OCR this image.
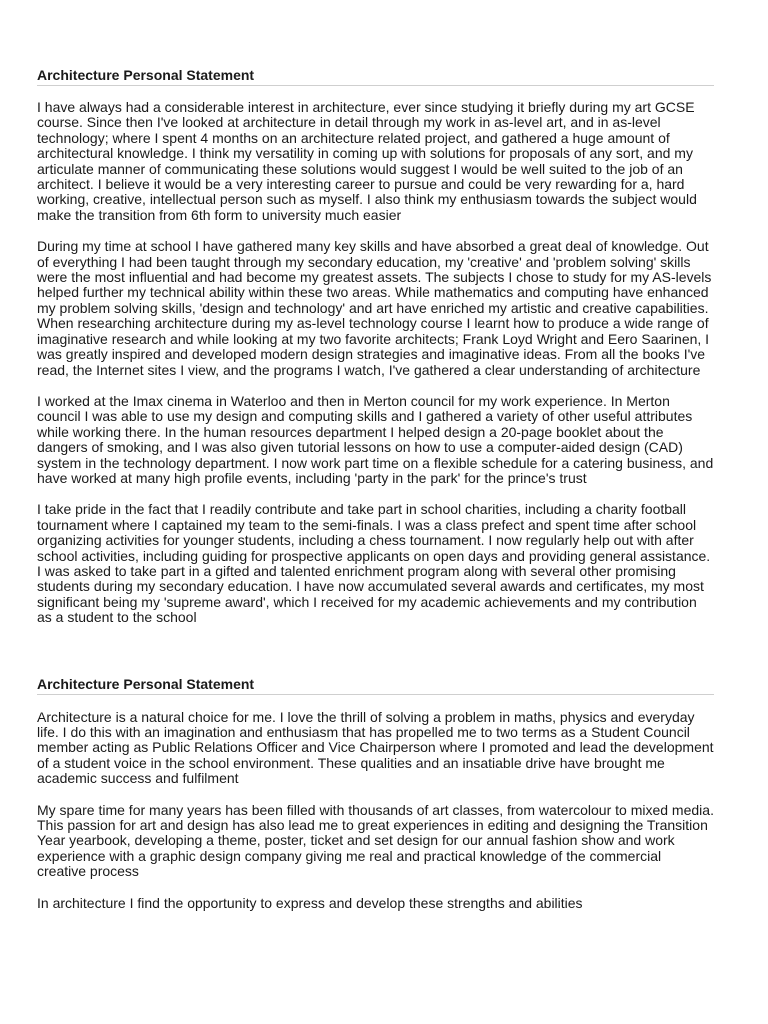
Architecture Personal Statement

I have always had a considerable interest in architecture, ever since studying it briefly during my art GCSE course. Since then I've looked at architecture in detail through my work in as-level art, and in as-level technology; where I spent 4 months on an architecture related project, and gathered a huge amount of architectural knowledge. I think my versatility in coming up with solutions for proposals of any sort, and my articulate manner of communicating these solutions would suggest I would be well suited to the job of an architect. I believe it would be a very interesting career to pursue and could be very rewarding for a, hard working, creative, intellectual person such as myself. I also think my enthusiasm towards the subject would make the transition from 6th form to university much easier

During my time at school I have gathered many key skills and have absorbed a great deal of knowledge. Out of everything I had been taught through my secondary education, my 'creative' and 'problem solving' skills were the most influential and had become my greatest assets. The subjects I chose to study for my AS-levels helped further my technical ability within these two areas. While mathematics and computing have enhanced my problem solving skills, 'design and technology' and art have enriched my artistic and creative capabilities. When researching architecture during my as-level technology course I learnt how to produce a wide range of imaginative research and while looking at my two favorite architects; Frank Loyd Wright and Eero Saarinen, I was greatly inspired and developed modern design strategies and imaginative ideas. From all the books I've read, the Internet sites I view, and the programs I watch, I've gathered a clear understanding of architecture

I worked at the Imax cinema in Waterloo and then in Merton council for my work experience. In Merton council I was able to use my design and computing skills and I gathered a variety of other useful attributes while working there. In the human resources department I helped design a 20-page booklet about the dangers of smoking, and I was also given tutorial lessons on how to use a computer-aided design (CAD) system in the technology department. I now work part time on a flexible schedule for a catering business, and have worked at many high profile events, including 'party in the park' for the prince's trust

I take pride in the fact that I readily contribute and take part in school charities, including a charity football tournament where I captained my team to the semi-finals. I was a class prefect and spent time after school organizing activities for younger students, including a chess tournament. I now regularly help out with after school activities, including guiding for prospective applicants on open days and providing general assistance. I was asked to take part in a gifted and talented enrichment program along with several other promising students during my secondary education. I have now accumulated several awards and certificates, my most significant being my 'supreme award', which I received for my academic achievements and my contribution as a student to the school

Architecture Personal Statement

Architecture is a natural choice for me. I love the thrill of solving a problem in maths, physics and everyday life. I do this with an imagination and enthusiasm that has propelled me to two terms as a Student Council member acting as Public Relations Officer and Vice Chairperson where I promoted and lead the development of a student voice in the school environment. These qualities and an insatiable drive have brought me academic success and fulfilment

My spare time for many years has been filled with thousands of art classes, from watercolour to mixed media. This passion for art and design has also lead me to great experiences in editing and designing the Transition Year yearbook, developing a theme, poster, ticket and set design for our annual fashion show and work experience with a graphic design company giving me real and practical knowledge of the commercial creative process

In architecture I find the opportunity to express and develop these strengths and abilities
